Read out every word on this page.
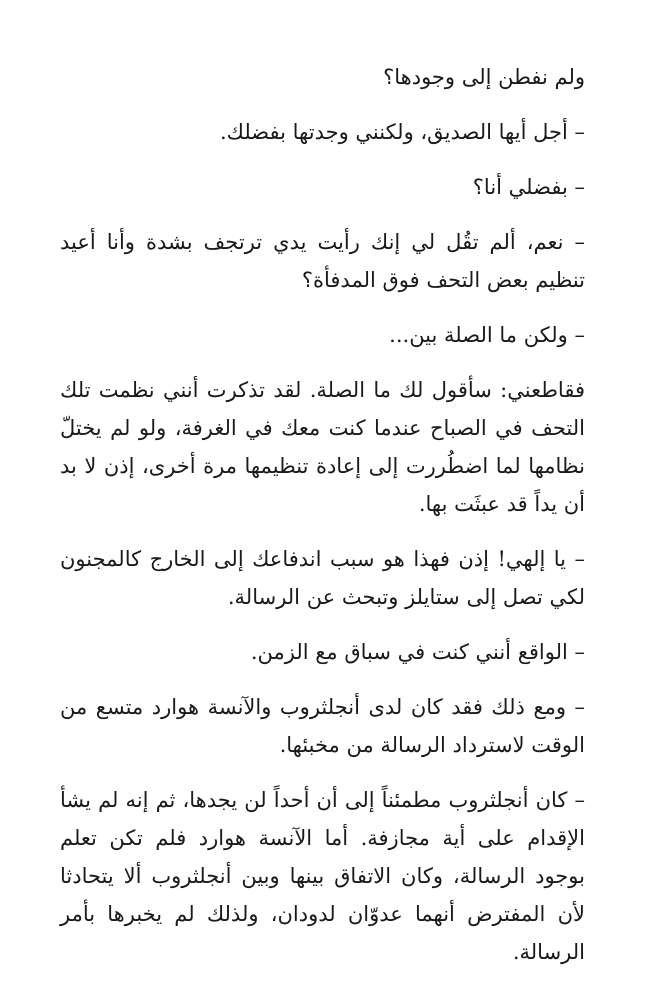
ولم نفطن إلى وجودها؟

– أجل أيها الصديق، ولكنني وجدتها بفضلك.

– بفضلي أنا؟

– نعم، ألم تقُل لي إنك رأيت يدي ترتجف بشدة وأنا أعيد تنظيم بعض التحف فوق المدفأة؟

– ولكن ما الصلة بين...

فقاطعني: سأقول لك ما الصلة. لقد تذكرت أنني نظمت تلك التحف في الصباح عندما كنت معك في الغرفة، ولو لم يختلّ نظامها لما اضطُررت إلى إعادة تنظيمها مرة أخرى، إذن لا بد أن يداً قد عبثَت بها.

– يا إلهي! إذن فهذا هو سبب اندفاعك إلى الخارج كالمجنون لكي تصل إلى ستايلز وتبحث عن الرسالة.

– الواقع أنني كنت في سباق مع الزمن.

– ومع ذلك فقد كان لدى أنجلثروب والآنسة هوارد متسع من الوقت لاسترداد الرسالة من مخبئها.

– كان أنجلثروب مطمئناً إلى أن أحداً لن يجدها، ثم إنه لم يشأ الإقدام على أية مجازفة. أما الآنسة هوارد فلم تكن تعلم بوجود الرسالة، وكان الاتفاق بينها وبين أنجلثروب ألا يتحادثا لأن المفترض أنهما عدوّان لدودان، ولذلك لم يخبرها بأمر الرسالة.
